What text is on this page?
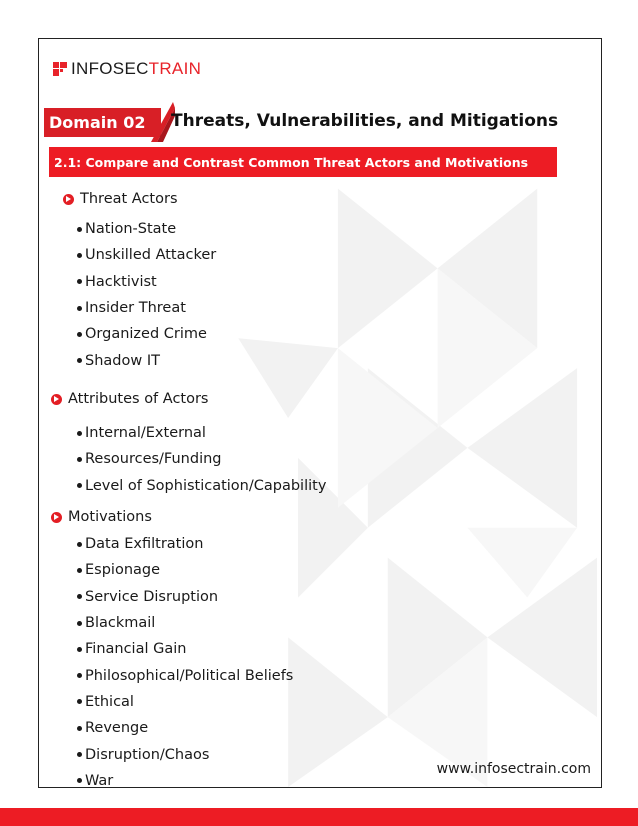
INFOSECTRAIN
Domain 02	Threats, Vulnerabilities, and Mitigations
2.1: Compare and Contrast Common Threat Actors and Motivations
Threat Actors
Nation-State
Unskilled Attacker
Hacktivist
Insider Threat
Organized Crime
Shadow IT
Attributes of Actors
Internal/External
Resources/Funding
Level of Sophistication/Capability
Motivations
Data Exfiltration
Espionage
Service Disruption
Blackmail
Financial Gain
Philosophical/Political Beliefs
Ethical
Revenge
Disruption/Chaos
War
www.infosectrain.com
